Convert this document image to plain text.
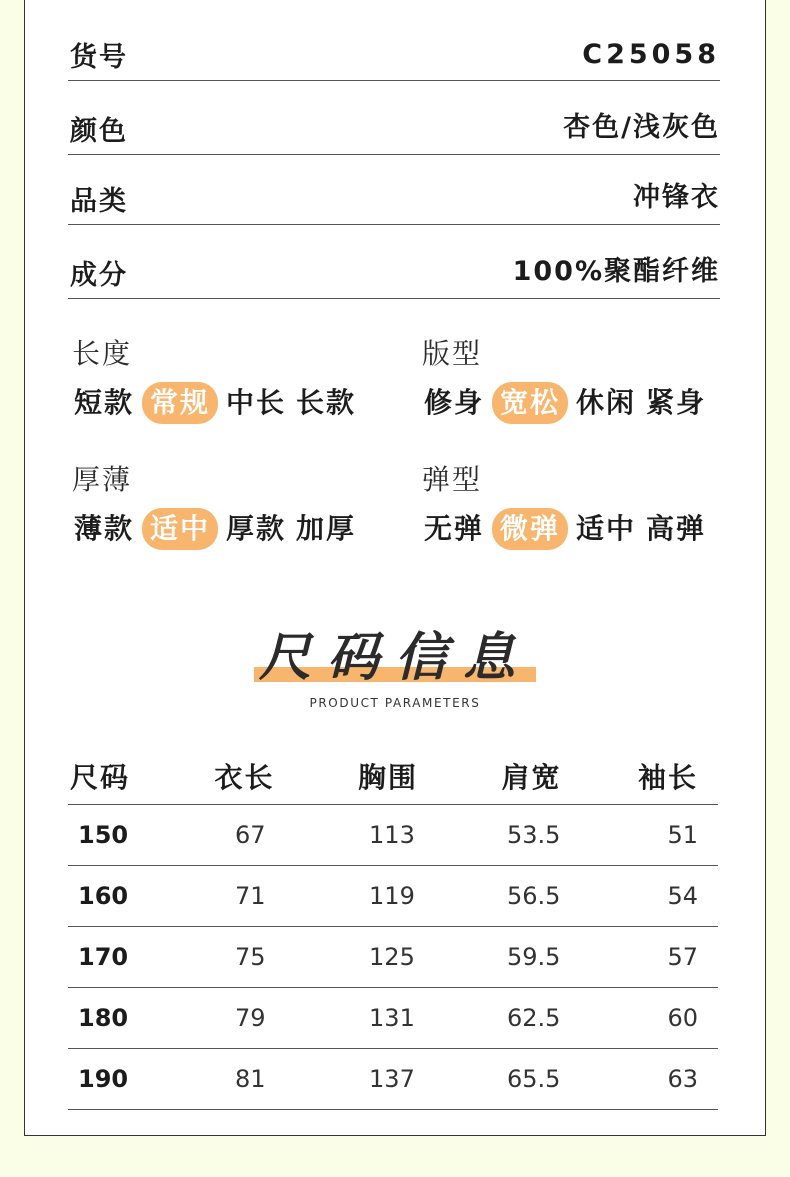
货号	C25058
颜色	杏色/浅灰色
品类	冲锋衣
成分	100%聚酯纤维
长度
短款 常规 中长 长款
版型
修身 宽松 休闲 紧身
厚薄
薄款 适中 厚款 加厚
弹型
无弹 微弹 适中 高弹
尺码信息
PRODUCT PARAMETERS
尺码	衣长	胸围	肩宽	袖长
150	67	113	53.5	51
160	71	119	56.5	54
170	75	125	59.5	57
180	79	131	62.5	60
190	81	137	65.5	63
